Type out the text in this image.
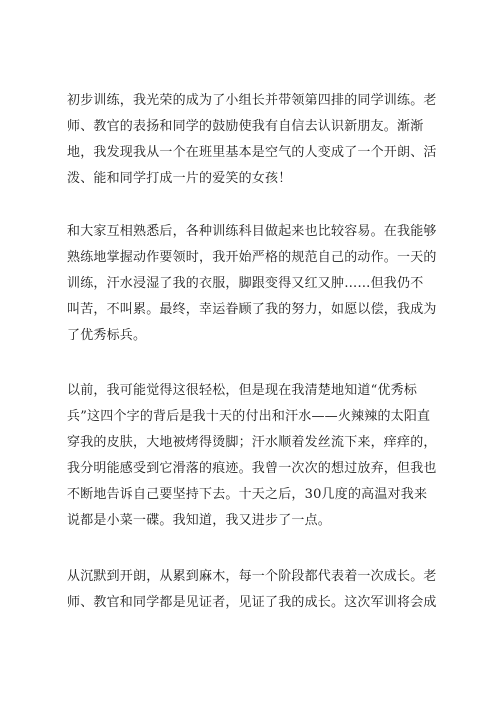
初步训练，我光荣的成为了小组长并带领第四排的同学训练。老
师、教官的表扬和同学的鼓励使我有自信去认识新朋友。渐渐
地，我发现我从一个在班里基本是空气的人变成了一个开朗、活
泼、能和同学打成一片的爱笑的女孩！

和大家互相熟悉后，各种训练科目做起来也比较容易。在我能够
熟练地掌握动作要领时，我开始严格的规范自己的动作。一天的
训练，汗水浸湿了我的衣服，脚跟变得又红又肿……但我仍不
叫苦，不叫累。最终，幸运眷顾了我的努力，如愿以偿，我成为
了优秀标兵。

以前，我可能觉得这很轻松，但是现在我清楚地知道“优秀标
兵”这四个字的背后是我十天的付出和汗水——火辣辣的太阳直
穿我的皮肤，大地被烤得烫脚；汗水顺着发丝流下来，痒痒的，
我分明能感受到它滑落的痕迹。我曾一次次的想过放弃，但我也
不断地告诉自己要坚持下去。十天之后，30几度的高温对我来
说都是小菜一碟。我知道，我又进步了一点。

从沉默到开朗，从累到麻木，每一个阶段都代表着一次成长。老
师、教官和同学都是见证者，见证了我的成长。这次军训将会成
